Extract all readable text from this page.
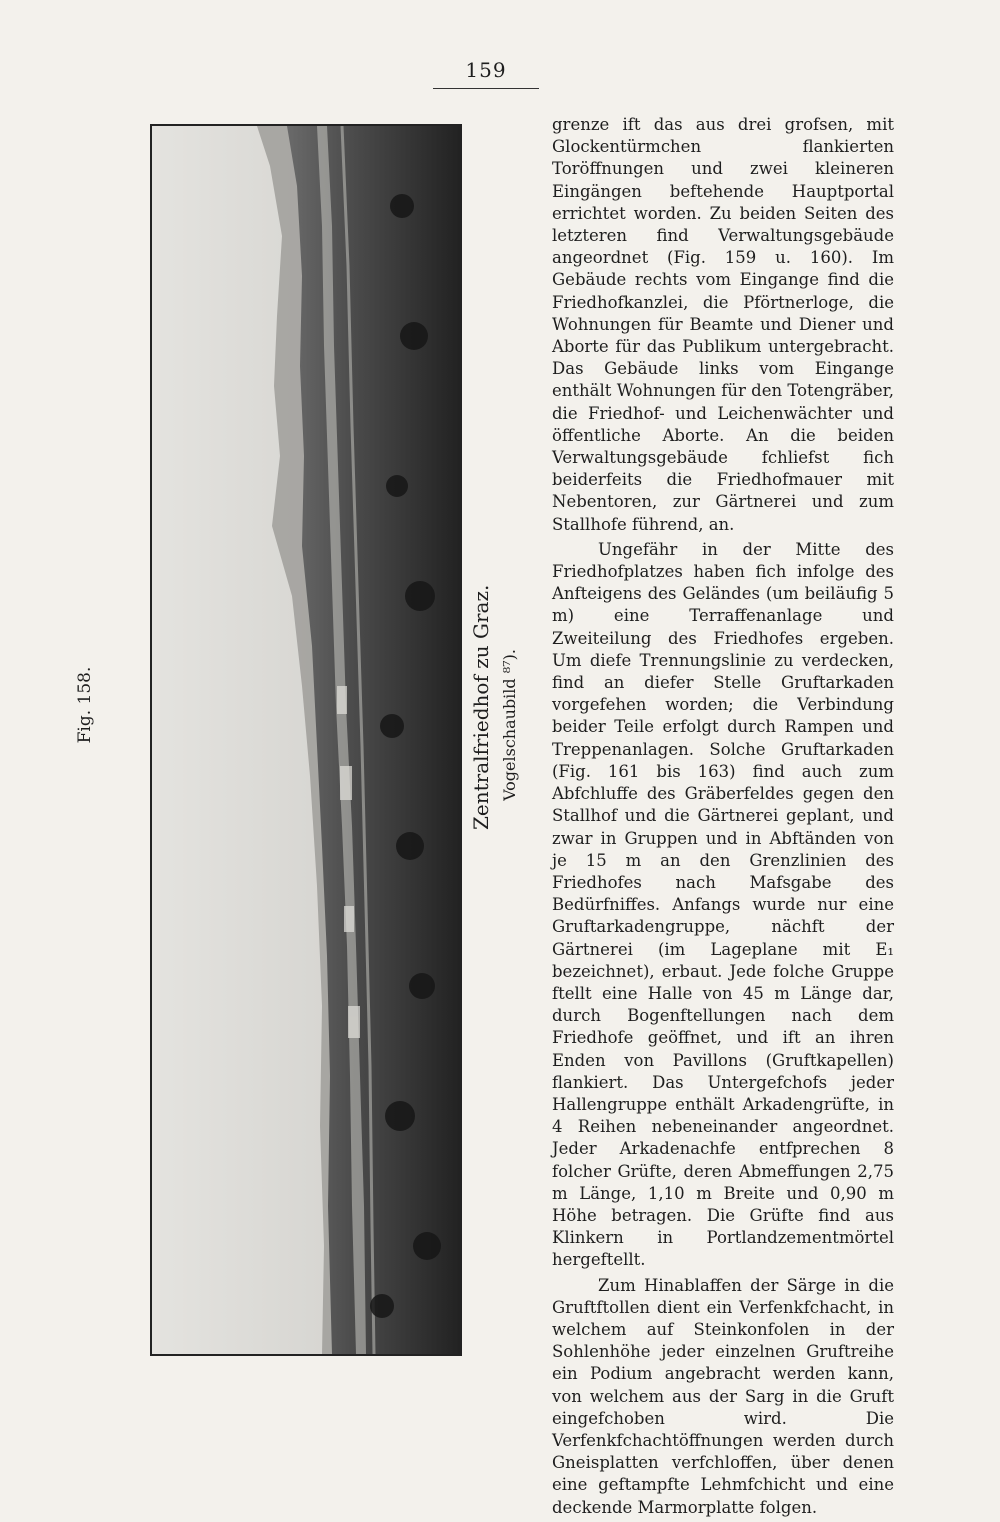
159
Fig. 158.	Zentralfriedhof zu Graz. Vogelschaubild ⁸⁷).

grenze ift das aus drei grofsen, mit Glockentürmchen flankierten Toröffnungen und zwei kleineren Eingängen beftehende Hauptportal errichtet worden. Zu beiden Seiten des letzteren find Verwaltungsgebäude angeordnet (Fig. 159 u. 160). Im Gebäude rechts vom Eingange find die Friedhofkanzlei, die Pförtnerloge, die Wohnungen für Beamte und Diener und Aborte für das Publikum untergebracht. Das Gebäude links vom Eingange enthält Wohnungen für den Totengräber, die Friedhof- und Leichenwächter und öffentliche Aborte. An die beiden Verwaltungsgebäude fchliefst fich beiderfeits die Friedhofmauer mit Nebentoren, zur Gärtnerei und zum Stallhofe führend, an.

Ungefähr in der Mitte des Friedhofplatzes haben fich infolge des Anfteigens des Geländes (um beiläufig 5 m) eine Terraffenanlage und Zweiteilung des Friedhofes ergeben. Um diefe Trennungslinie zu verdecken, find an diefer Stelle Gruftarkaden vorgefehen worden; die Verbindung beider Teile erfolgt durch Rampen und Treppenanlagen. Solche Gruftarkaden (Fig. 161 bis 163) find auch zum Abfchluffe des Gräberfeldes gegen den Stallhof und die Gärtnerei geplant, und zwar in Gruppen und in Abftänden von je 15 m an den Grenzlinien des Friedhofes nach Mafsgabe des Bedürfniffes. Anfangs wurde nur eine Gruftarkadengruppe, nächft der Gärtnerei (im Lageplane mit E₁ bezeichnet), erbaut. Jede folche Gruppe ftellt eine Halle von 45 m Länge dar, durch Bogenftellungen nach dem Friedhofe geöffnet, und ift an ihren Enden von Pavillons (Gruftkapellen) flankiert. Das Untergefchofs jeder Hallengruppe enthält Arkadengrüfte, in 4 Reihen nebeneinander angeordnet. Jeder Arkadenachfe entfprechen 8 folcher Grüfte, deren Abmeffungen 2,75 m Länge, 1,10 m Breite und 0,90 m Höhe betragen. Die Grüfte find aus Klinkern in Portlandzementmörtel hergeftellt.

Zum Hinablaffen der Särge in die Gruftftollen dient ein Verfenkfchacht, in welchem auf Steinkonfolen in der Sohlenhöhe jeder einzelnen Gruftreihe ein Podium angebracht werden kann, von welchem aus der Sarg in die Gruft eingefchoben wird. Die Verfenkfchachtöffnungen werden durch Gneisplatten verfchloffen, über denen eine geftampfte Lehmfchicht und eine deckende Marmorplatte folgen.
